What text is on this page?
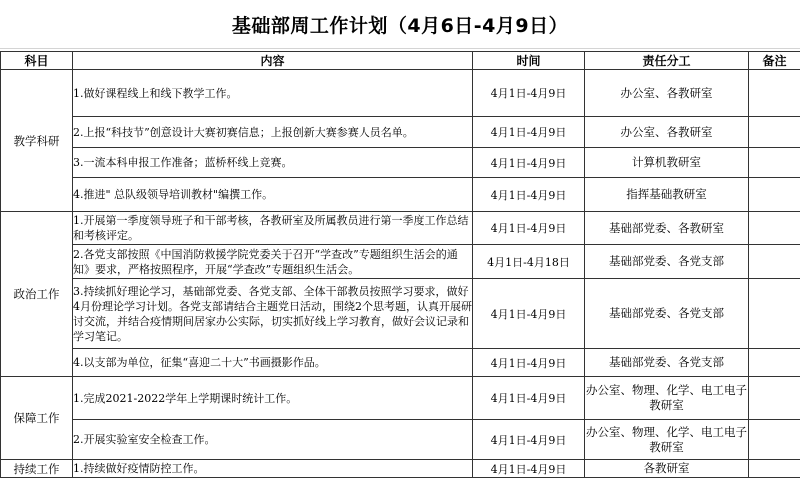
基础部周工作计划（4月6日-4月9日）
科目	内容	时间	责任分工	备注
教学科研	1.做好课程线上和线下教学工作。	4月1日-4月9日	办公室、各教研室	
	2.上报“科技节”创意设计大赛初赛信息；上报创新大赛参赛人员名单。	4月1日-4月9日	办公室、各教研室	
	3.一流本科申报工作准备；蓝桥杯线上竞赛。	4月1日-4月9日	计算机教研室	
	4.推进" 总队级领导培训教材"编撰工作。	4月1日-4月9日	指挥基础教研室	
政治工作	1.开展第一季度领导班子和干部考核，各教研室及所属教员进行第一季度工作总结和考核评定。	4月1日-4月9日	基础部党委、各教研室	
	2.各党支部按照《中国消防救援学院党委关于召开“学查改”专题组织生活会的通知》要求，严格按照程序，开展“学查改”专题组织生活会。	4月1日-4月18日	基础部党委、各党支部	
	3.持续抓好理论学习，基础部党委、各党支部、全体干部教员按照学习要求，做好4月份理论学习计划。各党支部请结合主题党日活动，围绕2个思考题，认真开展研讨交流，并结合疫情期间居家办公实际，切实抓好线上学习教育，做好会议记录和学习笔记。	4月1日-4月9日	基础部党委、各党支部	
	4.以支部为单位，征集“喜迎二十大”书画摄影作品。	4月1日-4月9日	基础部党委、各党支部	
保障工作	1.完成2021-2022学年上学期课时统计工作。	4月1日-4月9日	办公室、物理、化学、电工电子教研室	
	2.开展实验室安全检查工作。	4月1日-4月9日	办公室、物理、化学、电工电子教研室	
持续工作	1.持续做好疫情防控工作。	4月1日-4月9日	各教研室	
